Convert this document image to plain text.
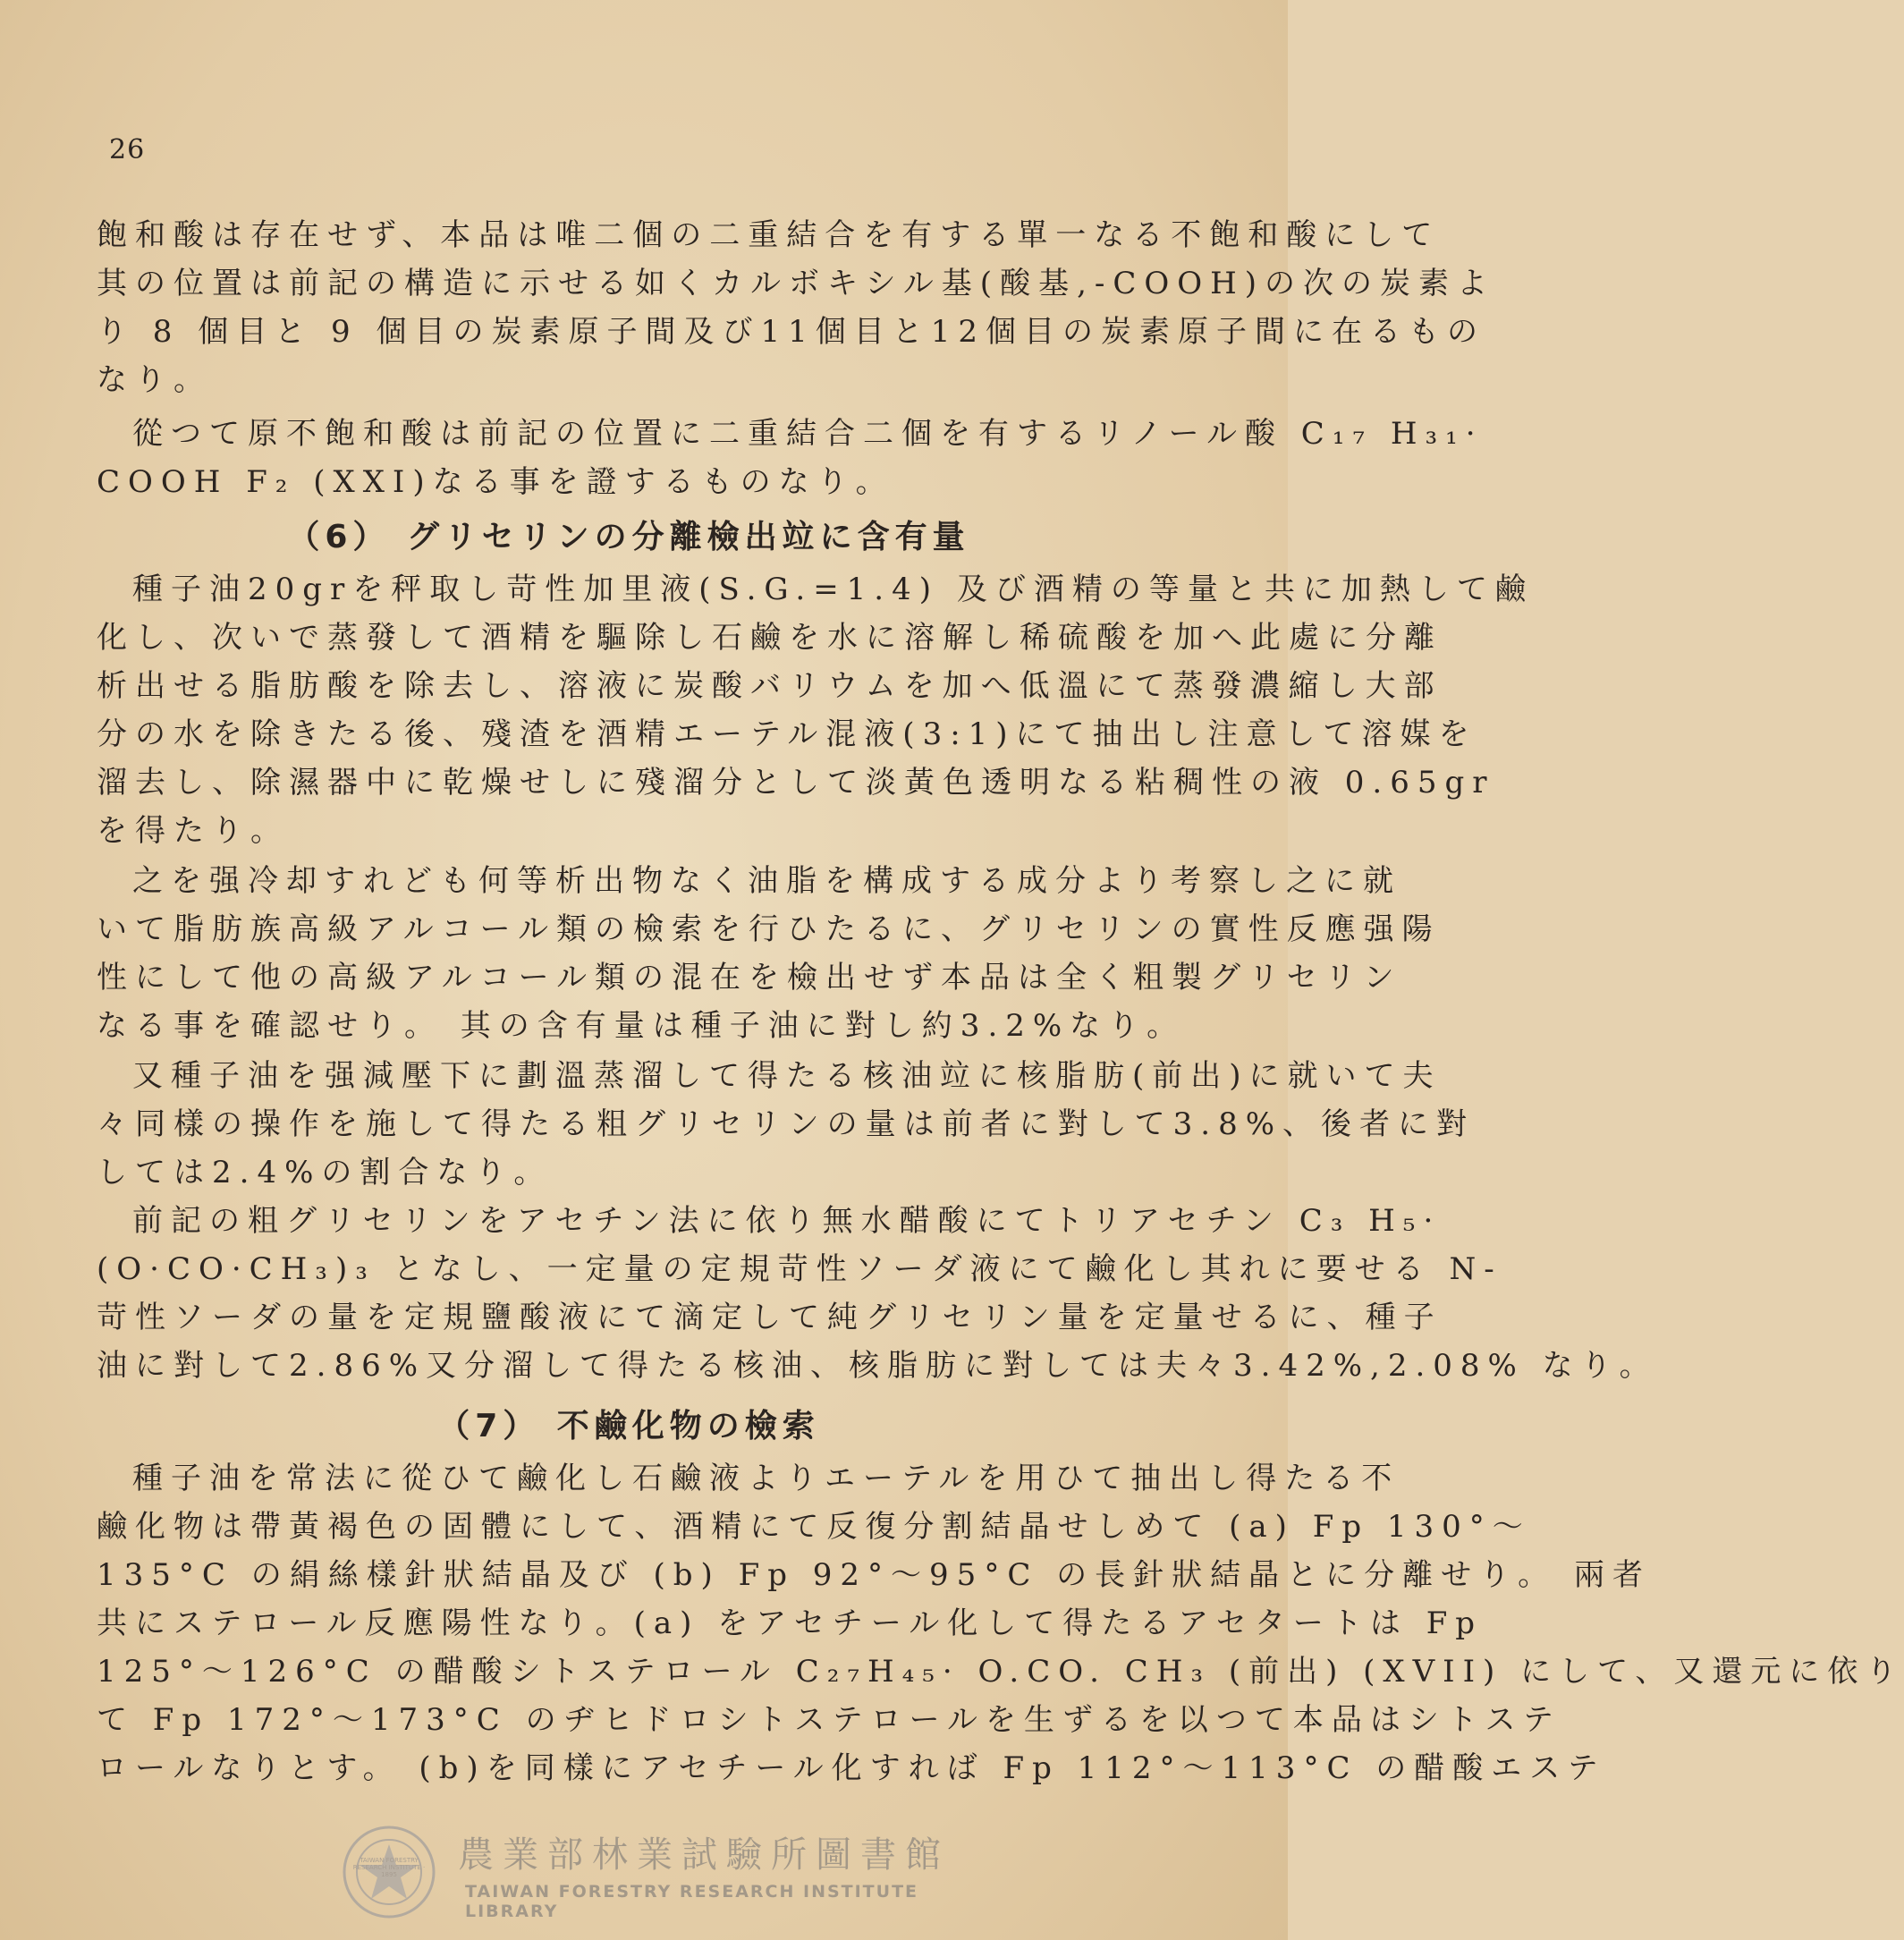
26
飽和酸は存在せず、本品は唯二個の二重結合を有する單一なる不飽和酸にして
其の位置は前記の構造に示せる如くカルボキシル基(酸基,-COOH)の次の炭素よ
り 8 個目と 9 個目の炭素原子間及び11個目と12個目の炭素原子間に在るもの
なり。
從つて原不飽和酸は前記の位置に二重結合二個を有するリノール酸 C₁₇ H₃₁·
COOH F₂ (XXI)なる事を證するものなり。
（6） グリセリンの分離檢出竝に含有量
種子油20grを秤取し苛性加里液(S.G.=1.4) 及び酒精の等量と共に加熱して鹼
化し、次いで蒸發して酒精を驅除し石鹼を水に溶解し稀硫酸を加へ此處に分離
析出せる脂肪酸を除去し、溶液に炭酸バリウムを加へ低溫にて蒸發濃縮し大部
分の水を除きたる後、殘渣を酒精エーテル混液(3:1)にて抽出し注意して溶媒を
溜去し、除濕器中に乾燥せしに殘溜分として淡黃色透明なる粘稠性の液 0.65gr
を得たり。
之を强冷却すれども何等析出物なく油脂を構成する成分より考察し之に就
いて脂肪族高級アルコール類の檢索を行ひたるに、グリセリンの實性反應强陽
性にして他の高級アルコール類の混在を檢出せず本品は全く粗製グリセリン
なる事を確認せり。 其の含有量は種子油に對し約3.2%なり。
又種子油を强減壓下に劃溫蒸溜して得たる核油竝に核脂肪(前出)に就いて夫
々同樣の操作を施して得たる粗グリセリンの量は前者に對して3.8%、後者に對
しては2.4%の割合なり。
前記の粗グリセリンをアセチン法に依り無水醋酸にてトリアセチン C₃ H₅·
(O·CO·CH₃)₃ となし、一定量の定規苛性ソーダ液にて鹼化し其れに要せる N-
苛性ソーダの量を定規鹽酸液にて滴定して純グリセリン量を定量せるに、種子
油に對して2.86%又分溜して得たる核油、核脂肪に對しては夫々3.42%,2.08% なり。
（7） 不鹼化物の檢索
種子油を常法に從ひて鹼化し石鹼液よりエーテルを用ひて抽出し得たる不
鹼化物は帶黃褐色の固體にして、酒精にて反復分割結晶せしめて (a) Fp 130°～
135°C の絹絲樣針狀結晶及び (b) Fp 92°～95°C の長針狀結晶とに分離せり。 兩者
共にステロール反應陽性なり。(a) をアセチール化して得たるアセタートは Fp
125°～126°C の醋酸シトステロール C₂₇H₄₅· O.CO. CH₃ (前出) (XVII) にして、又還元に依り
て Fp 172°～173°C のヂヒドロシトステロールを生ずるを以つて本品はシトステ
ロールなりとす。 (b)を同樣にアセチール化すれば Fp 112°～113°C の醋酸エステ
TAIWAN FORESTRY RESEARCH INSTITUTE · 1895	農業部林業試驗所圖書館
TAIWAN FORESTRY RESEARCH INSTITUTE LIBRARY
